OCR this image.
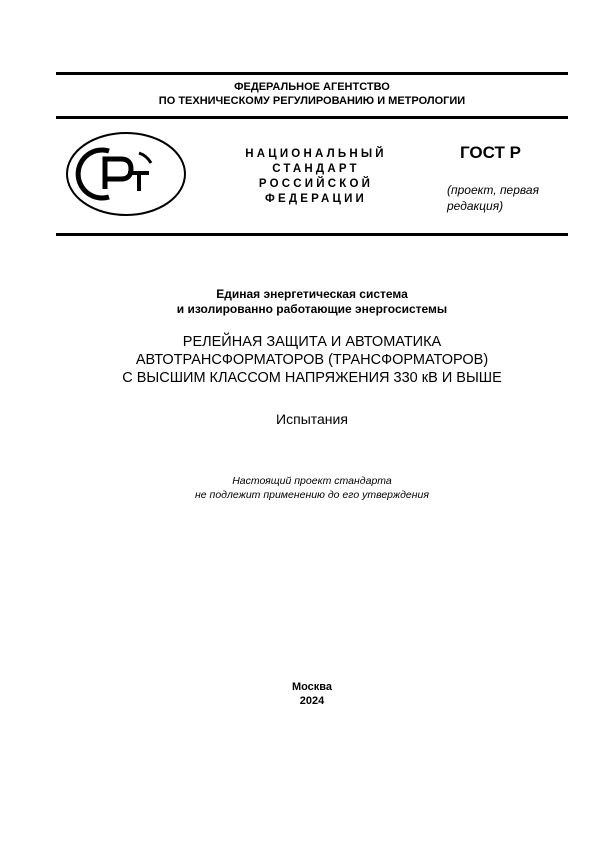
ФЕДЕРАЛЬНОЕ АГЕНТСТВО
ПО ТЕХНИЧЕСКОМУ РЕГУЛИРОВАНИЮ И МЕТРОЛОГИИ
НАЦИОНАЛЬНЫЙ
СТАНДАРТ
РОССИЙСКОЙ
ФЕДЕРАЦИИ
ГОСТ Р
(проект, первая
редакция)
Единая энергетическая система
и изолированно работающие энергосистемы
РЕЛЕЙНАЯ ЗАЩИТА И АВТОМАТИКА
АВТОТРАНСФОРМАТОРОВ (ТРАНСФОРМАТОРОВ)
С ВЫСШИМ КЛАССОМ НАПРЯЖЕНИЯ 330 кВ И ВЫШЕ
Испытания
Настоящий проект стандарта
не подлежит применению до его утверждения
Москва
2024
